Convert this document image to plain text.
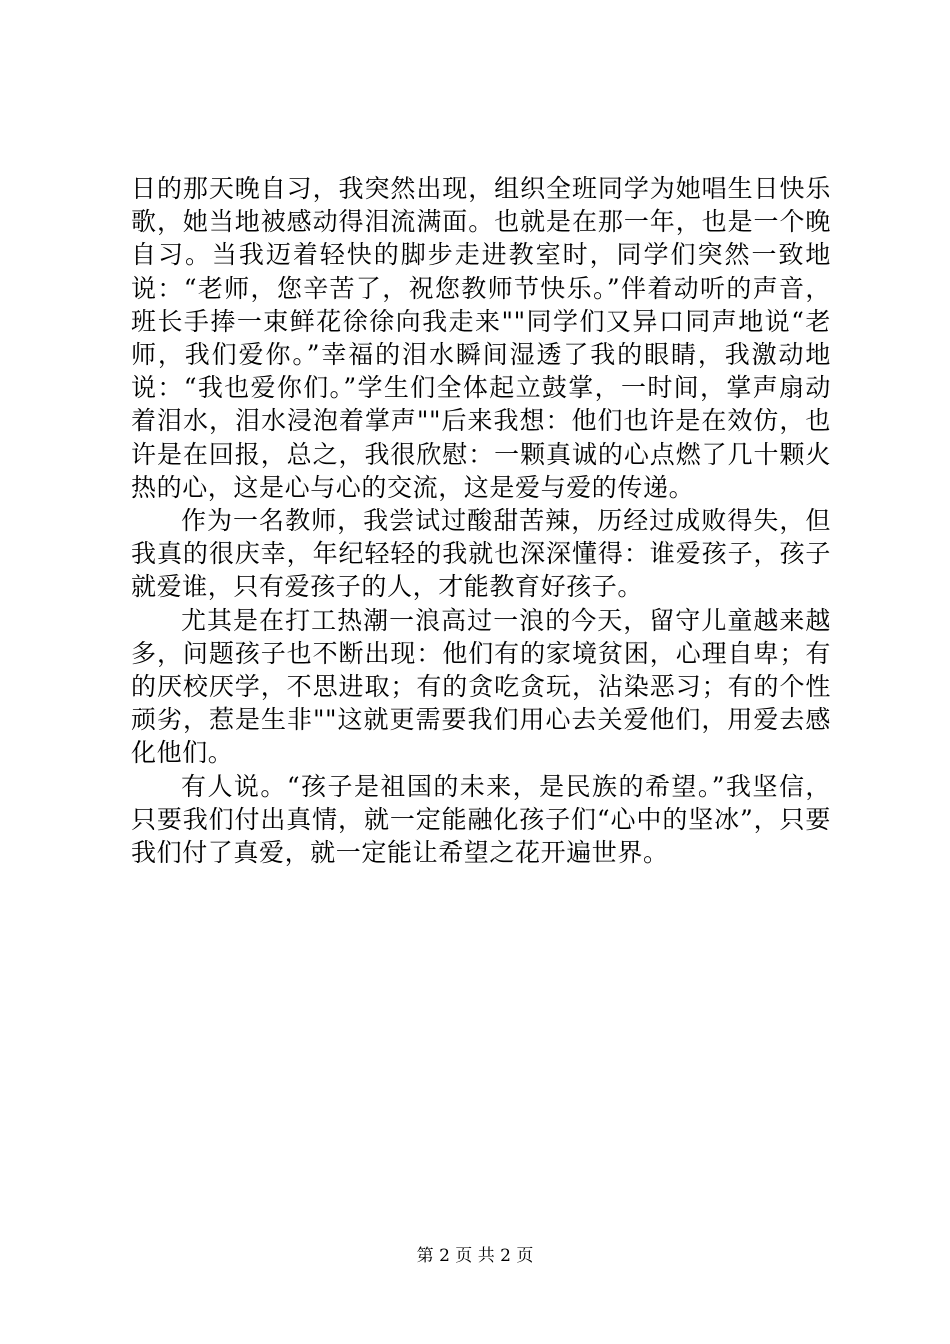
日的那天晚自习，我突然出现，组织全班同学为她唱生日快乐歌，她当地被感动得泪流满面。也就是在那一年，也是一个晚自习。当我迈着轻快的脚步走进教室时，同学们突然一致地说：“老师，您辛苦了，祝您教师节快乐。”伴着动听的声音，班长手捧一束鲜花徐徐向我走来""同学们又异口同声地说“老师，我们爱你。”幸福的泪水瞬间湿透了我的眼睛，我激动地说：“我也爱你们。”学生们全体起立鼓掌，一时间，掌声扇动着泪水，泪水浸泡着掌声""后来我想：他们也许是在效仿，也许是在回报，总之，我很欣慰：一颗真诚的心点燃了几十颗火热的心，这是心与心的交流，这是爱与爱的传递。

作为一名教师，我尝试过酸甜苦辣，历经过成败得失，但我真的很庆幸，年纪轻轻的我就也深深懂得：谁爱孩子，孩子就爱谁，只有爱孩子的人，才能教育好孩子。

尤其是在打工热潮一浪高过一浪的今天，留守儿童越来越多，问题孩子也不断出现：他们有的家境贫困，心理自卑；有的厌校厌学，不思进取；有的贪吃贪玩，沾染恶习；有的个性顽劣，惹是生非""这就更需要我们用心去关爱他们，用爱去感化他们。

有人说。“孩子是祖国的未来，是民族的希望。”我坚信，只要我们付出真情，就一定能融化孩子们“心中的坚冰”，只要我们付了真爱，就一定能让希望之花开遍世界。

第 2 页 共 2 页
